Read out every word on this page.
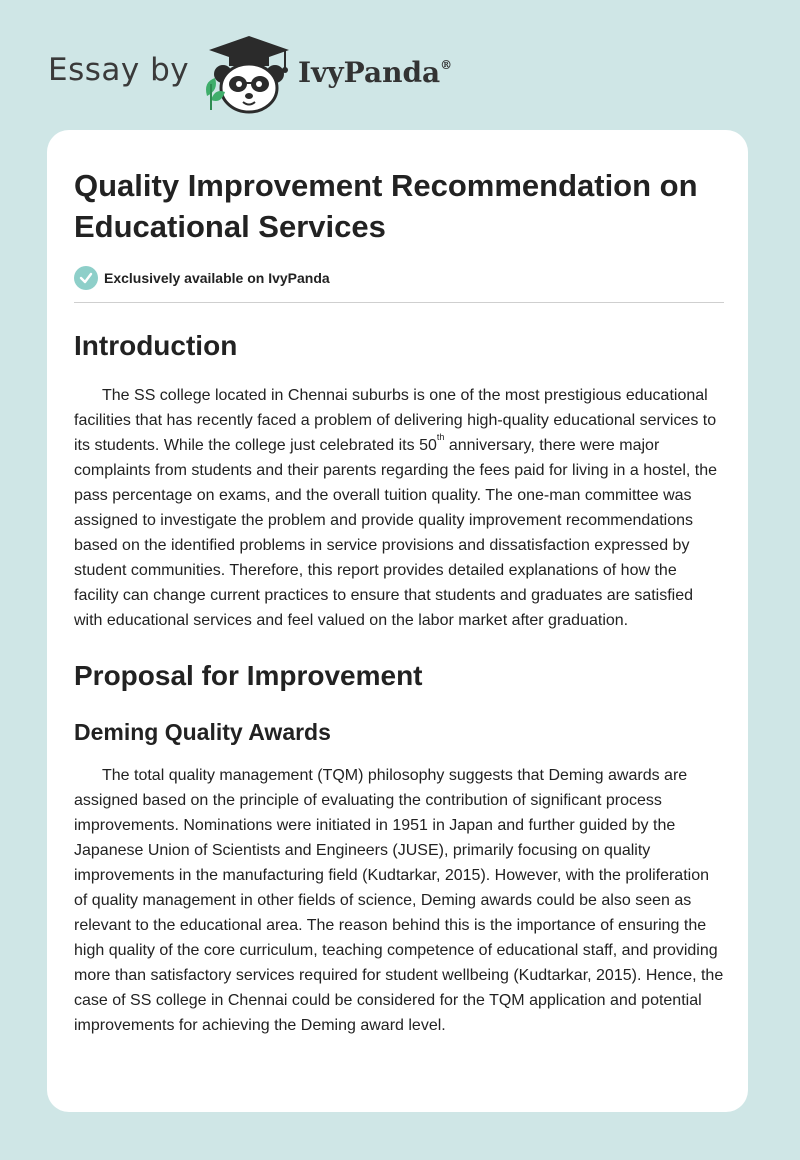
Essay by	IvyPanda®
Quality Improvement Recommendation on Educational Services
Exclusively available on IvyPanda
Introduction

The SS college located in Chennai suburbs is one of the most prestigious educational facilities that has recently faced a problem of delivering high-quality educational services to its students. While the college just celebrated its 50th anniversary, there were major complaints from students and their parents regarding the fees paid for living in a hostel, the pass percentage on exams, and the overall tuition quality. The one-man committee was assigned to investigate the problem and provide quality improvement recommendations based on the identified problems in service provisions and dissatisfaction expressed by student communities. Therefore, this report provides detailed explanations of how the facility can change current practices to ensure that students and graduates are satisfied with educational services and feel valued on the labor market after graduation.

Proposal for Improvement
Deming Quality Awards

The total quality management (TQM) philosophy suggests that Deming awards are assigned based on the principle of evaluating the contribution of significant process improvements. Nominations were initiated in 1951 in Japan and further guided by the Japanese Union of Scientists and Engineers (JUSE), primarily focusing on quality improvements in the manufacturing field (Kudtarkar, 2015). However, with the proliferation of quality management in other fields of science, Deming awards could be also seen as relevant to the educational area. The reason behind this is the importance of ensuring the high quality of the core curriculum, teaching competence of educational staff, and providing more than satisfactory services required for student wellbeing (Kudtarkar, 2015). Hence, the case of SS college in Chennai could be considered for the TQM application and potential improvements for achieving the Deming award level.
